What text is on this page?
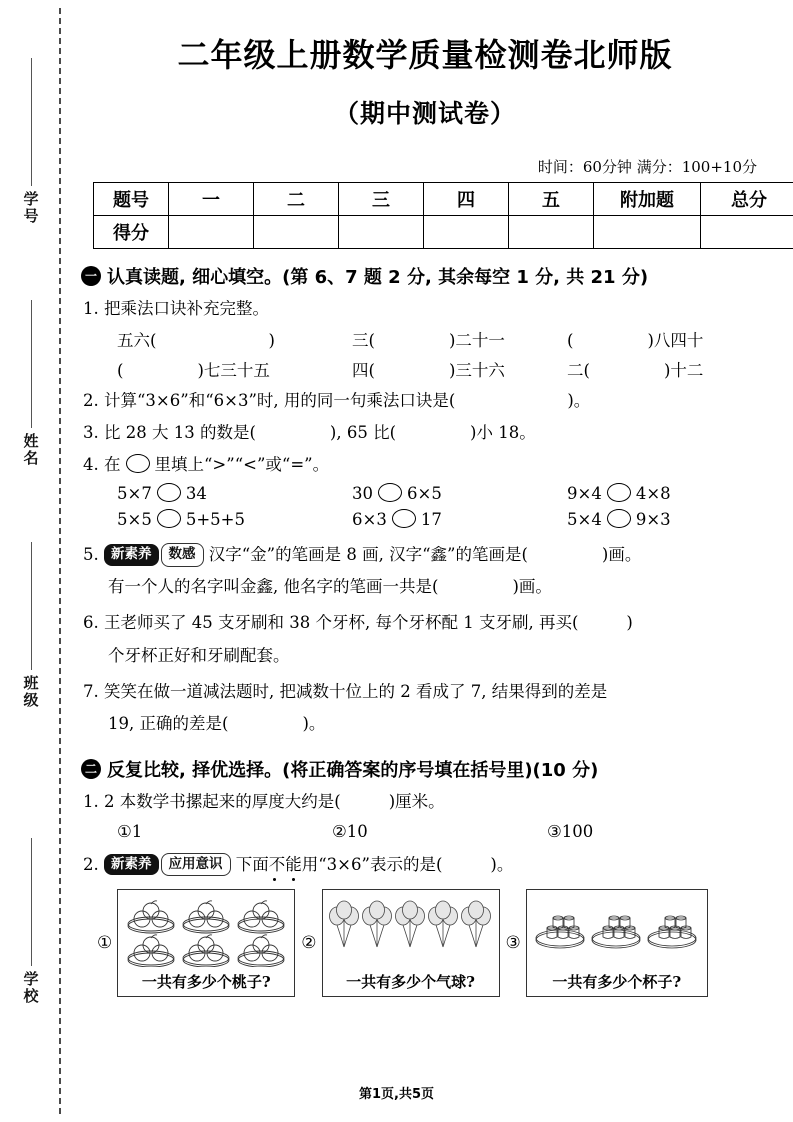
学号
姓名
班级
学校
二年级上册数学质量检测卷北师版
（期中测试卷）
时间：60分钟 满分：100+10分
题号	一	二	三	四	五	附加题	总分
得分							
一 认真读题, 细心填空。(第 6、7 题 2 分, 其余每空 1 分, 共 21 分)
1. 把乘法口诀补充完整。
五六(	)	三(	)二十一	(	)八四十
(	)七三十五	四(	)三十六	二(	)十二
2. 计算“3×6”和“6×3”时, 用的同一句乘法口诀是(	)。
3. 比 28 大 13 的数是(	), 65 比(	)小 18。
4. 在 里填上“>”“<”或“=”。
5×7 34	30 6×5	9×4 4×8
5×5 5+5+5	6×3 17	5×4 9×3
5. 新素养 数感 汉字“金”的笔画是 8 画, 汉字“鑫”的笔画是(	)画。
有一个人的名字叫金鑫, 他名字的笔画一共是(	)画。
6. 王老师买了 45 支牙刷和 38 个牙杯, 每个牙杯配 1 支牙刷, 再买(	)
个牙杯正好和牙刷配套。
7. 笑笑在做一道减法题时, 把减数十位上的 2 看成了 7, 结果得到的差是
19, 正确的差是(	)。
二 反复比较, 择优选择。(将正确答案的序号填在括号里)(10 分)
1. 2 本数学书摞起来的厚度大约是(	)厘米。
①1	②10	③100
2. 新素养 应用意识 下面不能用“3×6”表示的是(	)。
①
一共有多少个桃子?
②
一共有多少个气球?
③
一共有多少个杯子?
第1页,共5页
